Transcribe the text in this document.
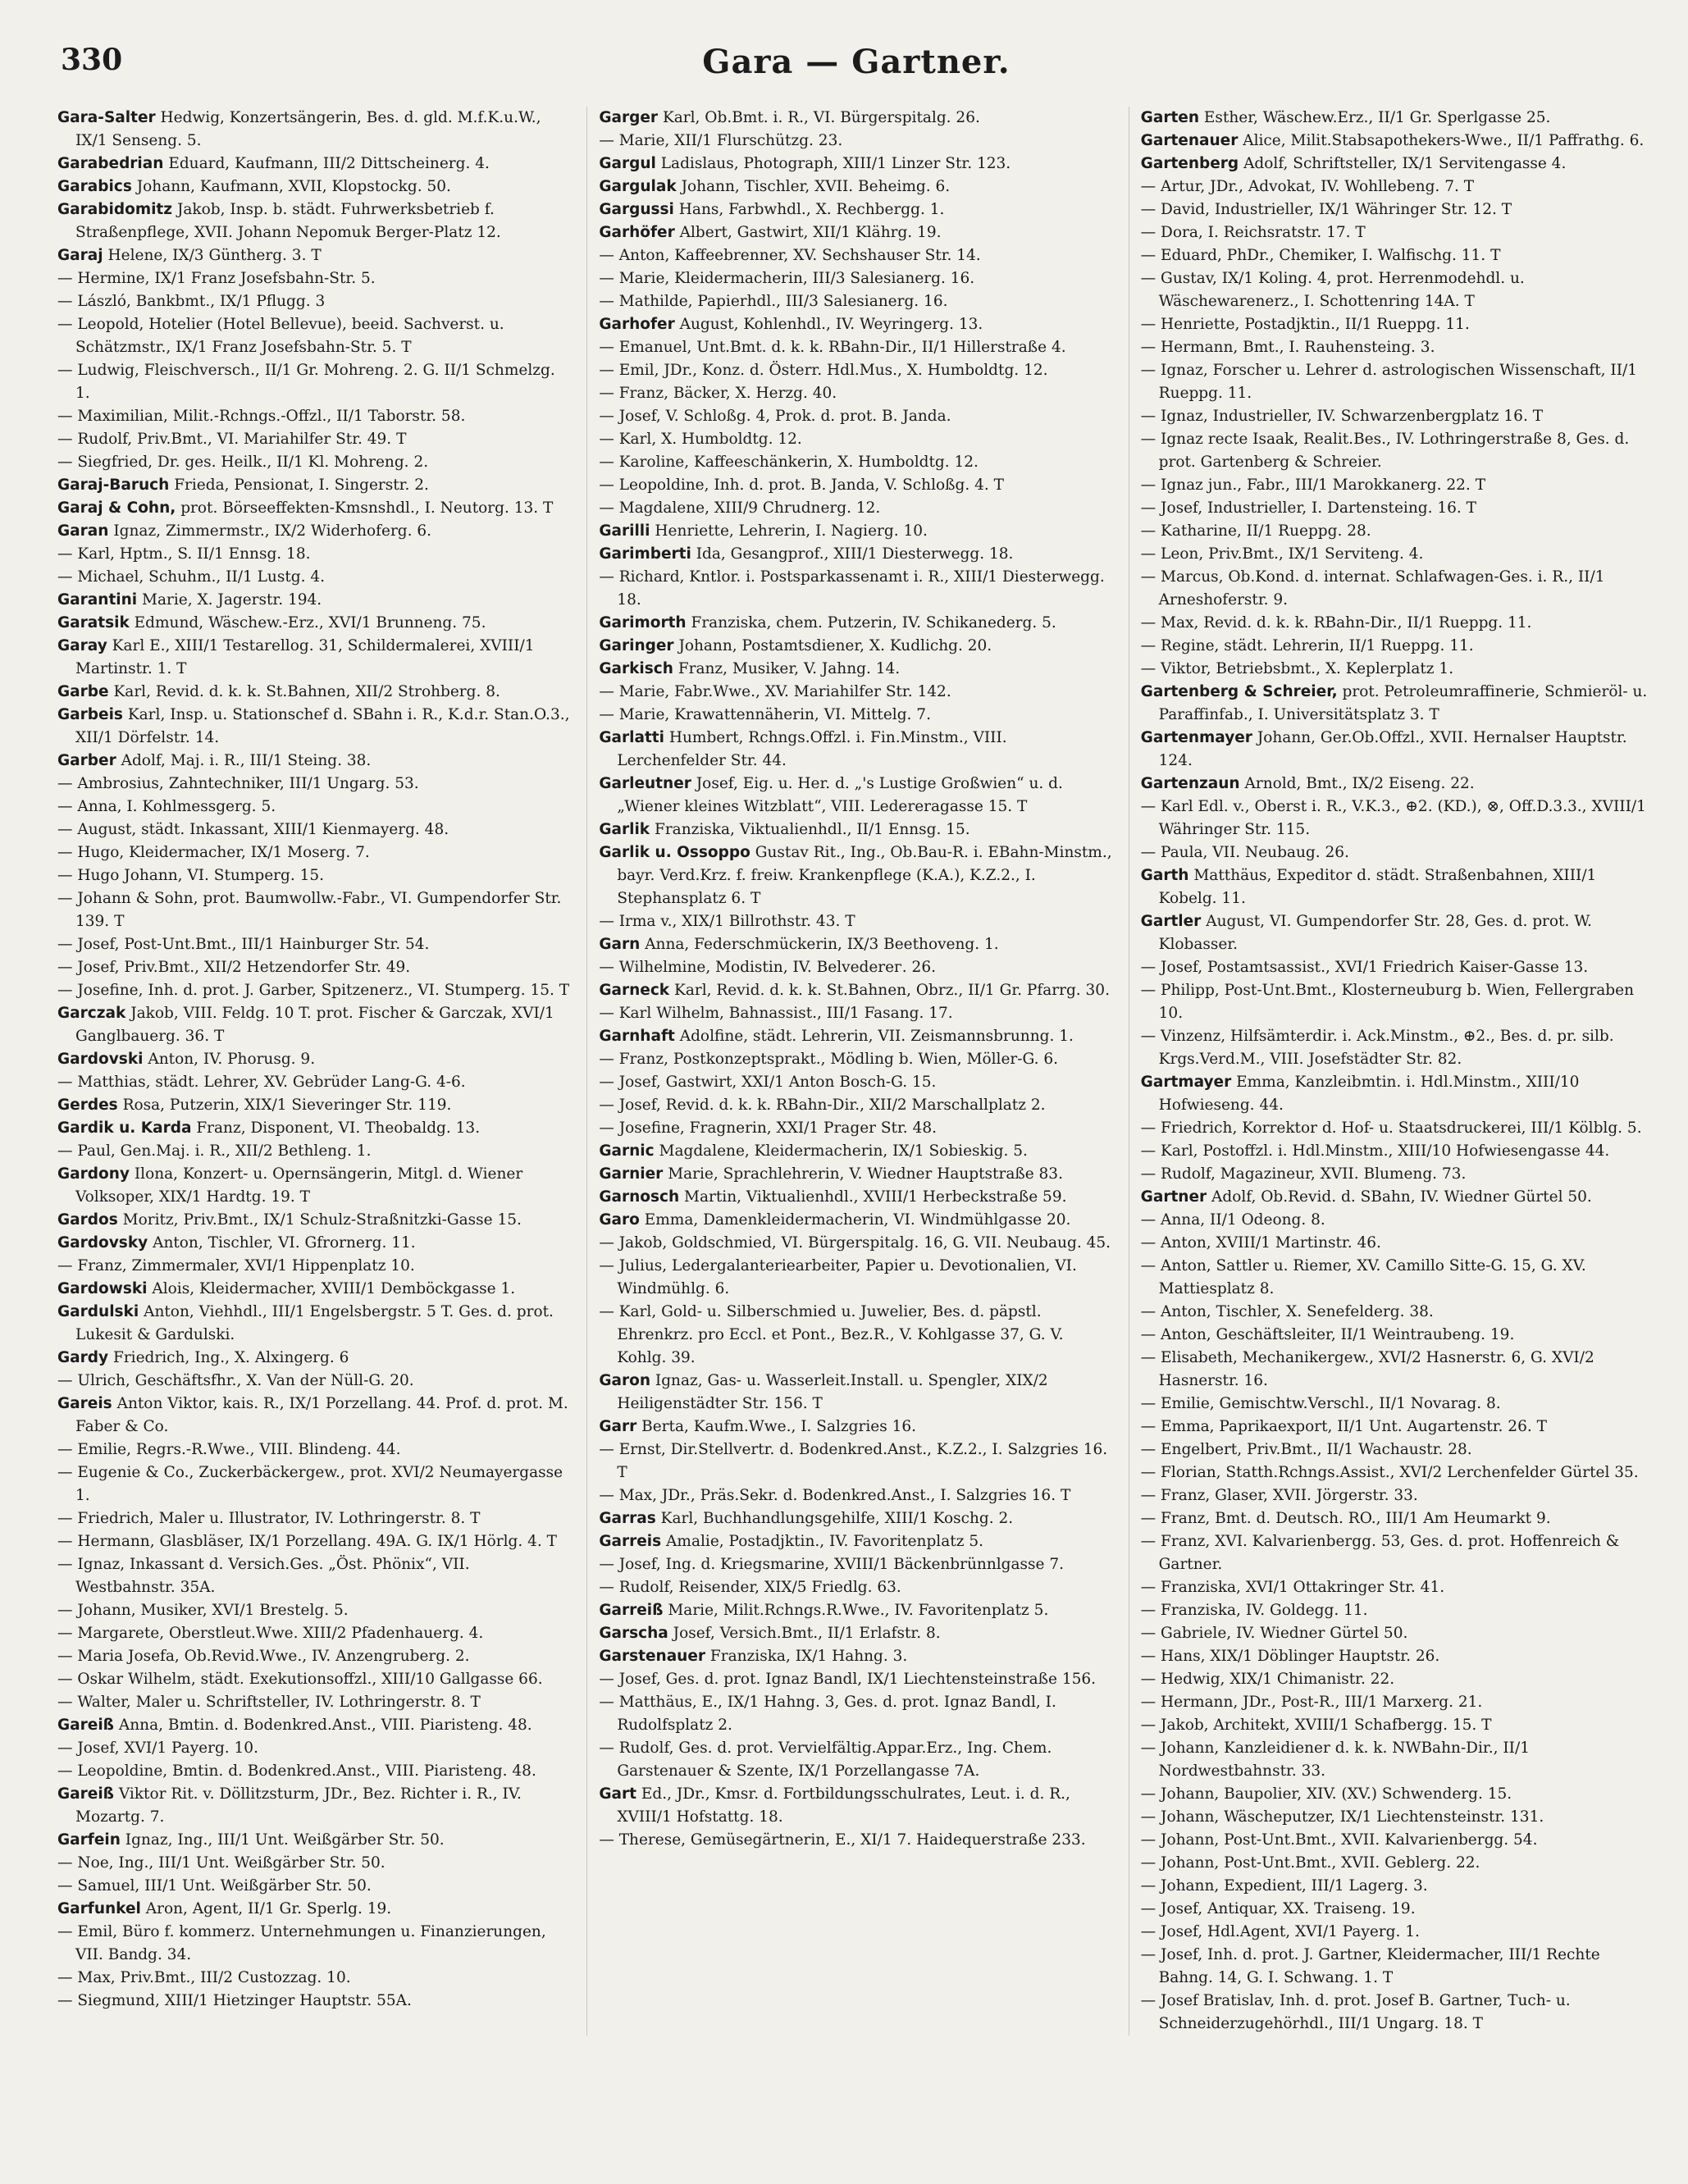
330	Gara — Gartner.

Gara-Salter Hedwig, Konzertsängerin, Bes. d. gld. M.f.K.u.W., IX/1 Senseng. 5.

Garabedrian Eduard, Kaufmann, III/2 Dittscheinerg. 4.

Garabics Johann, Kaufmann, XVII, Klopstockg. 50.

Garabidomitz Jakob, Insp. b. städt. Fuhrwerksbetrieb f. Straßenpflege, XVII. Johann Nepomuk Berger-Platz 12.

Garaj Helene, IX/3 Güntherg. 3. T

— Hermine, IX/1 Franz Josefsbahn-Str. 5.

— László, Bankbmt., IX/1 Pflugg. 3

— Leopold, Hotelier (Hotel Bellevue), beeid. Sachverst. u. Schätzmstr., IX/1 Franz Josefsbahn-Str. 5. T

— Ludwig, Fleischversch., II/1 Gr. Mohreng. 2. G. II/1 Schmelzg. 1.

— Maximilian, Milit.-Rchngs.-Offzl., II/1 Taborstr. 58.

— Rudolf, Priv.Bmt., VI. Mariahilfer Str. 49. T

— Siegfried, Dr. ges. Heilk., II/1 Kl. Mohreng. 2.

Garaj-Baruch Frieda, Pensionat, I. Singerstr. 2.

Garaj & Cohn, prot. Börseeffekten-Kmsnshdl., I. Neutorg. 13. T

Garan Ignaz, Zimmermstr., IX/2 Widerhoferg. 6.

— Karl, Hptm., S. II/1 Ennsg. 18.

— Michael, Schuhm., II/1 Lustg. 4.

Garantini Marie, X. Jagerstr. 194.

Garatsik Edmund, Wäschew.-Erz., XVI/1 Brunneng. 75.

Garay Karl E., XIII/1 Testarellog. 31, Schildermalerei, XVIII/1 Martinstr. 1. T

Garbe Karl, Revid. d. k. k. St.Bahnen, XII/2 Strohberg. 8.

Garbeis Karl, Insp. u. Stationschef d. SBahn i. R., K.d.r. Stan.O.3., XII/1 Dörfelstr. 14.

Garber Adolf, Maj. i. R., III/1 Steing. 38.

— Ambrosius, Zahntechniker, III/1 Ungarg. 53.

— Anna, I. Kohlmessgerg. 5.

— August, städt. Inkassant, XIII/1 Kienmayerg. 48.

— Hugo, Kleidermacher, IX/1 Moserg. 7.

— Hugo Johann, VI. Stumperg. 15.

— Johann & Sohn, prot. Baumwollw.-Fabr., VI. Gumpendorfer Str. 139. T

— Josef, Post-Unt.Bmt., III/1 Hainburger Str. 54.

— Josef, Priv.Bmt., XII/2 Hetzendorfer Str. 49.

— Josefine, Inh. d. prot. J. Garber, Spitzenerz., VI. Stumperg. 15. T

Garczak Jakob, VIII. Feldg. 10 T. prot. Fischer & Garczak, XVI/1 Ganglbauerg. 36. T

Gardovski Anton, IV. Phorusg. 9.

— Matthias, städt. Lehrer, XV. Gebrüder Lang-G. 4-6.

Gerdes Rosa, Putzerin, XIX/1 Sieveringer Str. 119.

Gardik u. Karda Franz, Disponent, VI. Theobaldg. 13.

— Paul, Gen.Maj. i. R., XII/2 Bethleng. 1.

Gardony Ilona, Konzert- u. Opernsängerin, Mitgl. d. Wiener Volksoper, XIX/1 Hardtg. 19. T

Gardos Moritz, Priv.Bmt., IX/1 Schulz-Straßnitzki-Gasse 15.

Gardovsky Anton, Tischler, VI. Gfrornerg. 11.

— Franz, Zimmermaler, XVI/1 Hippenplatz 10.

Gardowski Alois, Kleidermacher, XVIII/1 Demböckgasse 1.

Gardulski Anton, Viehhdl., III/1 Engelsbergstr. 5 T. Ges. d. prot. Lukesit & Gardulski.

Gardy Friedrich, Ing., X. Alxingerg. 6

— Ulrich, Geschäftsfhr., X. Van der Nüll-G. 20.

Gareis Anton Viktor, kais. R., IX/1 Porzellang. 44. Prof. d. prot. M. Faber & Co.

— Emilie, Regrs.-R.Wwe., VIII. Blindeng. 44.

— Eugenie & Co., Zuckerbäckergew., prot. XVI/2 Neumayergasse 1.

— Friedrich, Maler u. Illustrator, IV. Lothringerstr. 8. T

— Hermann, Glasbläser, IX/1 Porzellang. 49A. G. IX/1 Hörlg. 4. T

— Ignaz, Inkassant d. Versich.Ges. „Öst. Phönix“, VII. Westbahnstr. 35A.

— Johann, Musiker, XVI/1 Brestelg. 5.

— Margarete, Oberstleut.Wwe. XIII/2 Pfadenhauerg. 4.

— Maria Josefa, Ob.Revid.Wwe., IV. Anzengruberg. 2.

— Oskar Wilhelm, städt. Exekutionsoffzl., XIII/10 Gallgasse 66.

— Walter, Maler u. Schriftsteller, IV. Lothringerstr. 8. T

Gareiß Anna, Bmtin. d. Bodenkred.Anst., VIII. Piaristeng. 48.

— Josef, XVI/1 Payerg. 10.

— Leopoldine, Bmtin. d. Bodenkred.Anst., VIII. Piaristeng. 48.

Gareiß Viktor Rit. v. Döllitzsturm, JDr., Bez. Richter i. R., IV. Mozartg. 7.

Garfein Ignaz, Ing., III/1 Unt. Weißgärber Str. 50.

— Noe, Ing., III/1 Unt. Weißgärber Str. 50.

— Samuel, III/1 Unt. Weißgärber Str. 50.

Garfunkel Aron, Agent, II/1 Gr. Sperlg. 19.

— Emil, Büro f. kommerz. Unternehmungen u. Finanzierungen, VII. Bandg. 34.

— Max, Priv.Bmt., III/2 Custozzag. 10.

— Siegmund, XIII/1 Hietzinger Hauptstr. 55A.

Garger Karl, Ob.Bmt. i. R., VI. Bürgerspitalg. 26.

— Marie, XII/1 Flurschützg. 23.

Gargul Ladislaus, Photograph, XIII/1 Linzer Str. 123.

Gargulak Johann, Tischler, XVII. Beheimg. 6.

Gargussi Hans, Farbwhdl., X. Rechbergg. 1.

Garhöfer Albert, Gastwirt, XII/1 Klährg. 19.

— Anton, Kaffeebrenner, XV. Sechshauser Str. 14.

— Marie, Kleidermacherin, III/3 Salesianerg. 16.

— Mathilde, Papierhdl., III/3 Salesianerg. 16.

Garhofer August, Kohlenhdl., IV. Weyringerg. 13.

— Emanuel, Unt.Bmt. d. k. k. RBahn-Dir., II/1 Hillerstraße 4.

— Emil, JDr., Konz. d. Österr. Hdl.Mus., X. Humboldtg. 12.

— Franz, Bäcker, X. Herzg. 40.

— Josef, V. Schloßg. 4, Prok. d. prot. B. Janda.

— Karl, X. Humboldtg. 12.

— Karoline, Kaffeeschänkerin, X. Humboldtg. 12.

— Leopoldine, Inh. d. prot. B. Janda, V. Schloßg. 4. T

— Magdalene, XIII/9 Chrudnerg. 12.

Garilli Henriette, Lehrerin, I. Nagierg. 10.

Garimberti Ida, Gesangprof., XIII/1 Diesterwegg. 18.

— Richard, Kntlor. i. Postsparkassenamt i. R., XIII/1 Diesterwegg. 18.

Garimorth Franziska, chem. Putzerin, IV. Schikanederg. 5.

Garinger Johann, Postamtsdiener, X. Kudlichg. 20.

Garkisch Franz, Musiker, V. Jahng. 14.

— Marie, Fabr.Wwe., XV. Mariahilfer Str. 142.

— Marie, Krawattennäherin, VI. Mittelg. 7.

Garlatti Humbert, Rchngs.Offzl. i. Fin.Minstm., VIII. Lerchenfelder Str. 44.

Garleutner Josef, Eig. u. Her. d. „'s Lustige Großwien“ u. d. „Wiener kleines Witzblatt“, VIII. Ledereragasse 15. T

Garlik Franziska, Viktualienhdl., II/1 Ennsg. 15.

Garlik u. Ossoppo Gustav Rit., Ing., Ob.Bau-R. i. EBahn-Minstm., bayr. Verd.Krz. f. freiw. Krankenpflege (K.A.), K.Z.2., I. Stephansplatz 6. T

— Irma v., XIX/1 Billrothstr. 43. T

Garn Anna, Federschmückerin, IX/3 Beethoveng. 1.

— Wilhelmine, Modistin, IV. Belvederег. 26.

Garneck Karl, Revid. d. k. k. St.Bahnen, Obrz., II/1 Gr. Pfarrg. 30.

— Karl Wilhelm, Bahnassist., III/1 Fasang. 17.

Garnhaft Adolfine, städt. Lehrerin, VII. Zeismannsbrunng. 1.

— Franz, Postkonzeptsprakt., Mödling b. Wien, Möller-G. 6.

— Josef, Gastwirt, XXI/1 Anton Bosch-G. 15.

— Josef, Revid. d. k. k. RBahn-Dir., XII/2 Marschallplatz 2.

— Josefine, Fragnerin, XXI/1 Prager Str. 48.

Garnic Magdalene, Kleidermacherin, IX/1 Sobieskig. 5.

Garnier Marie, Sprachlehrerin, V. Wiedner Hauptstraße 83.

Garnosch Martin, Viktualienhdl., XVIII/1 Herbeckstraße 59.

Garo Emma, Damenkleidermacherin, VI. Windmühlgasse 20.

— Jakob, Goldschmied, VI. Bürgerspitalg. 16, G. VII. Neubaug. 45.

— Julius, Ledergalanteriearbeiter, Papier u. Devotionalien, VI. Windmühlg. 6.

— Karl, Gold- u. Silberschmied u. Juwelier, Bes. d. päpstl. Ehrenkrz. pro Eccl. et Pont., Bez.R., V. Kohlgasse 37, G. V. Kohlg. 39.

Garon Ignaz, Gas- u. Wasserleit.Install. u. Spengler, XIX/2 Heiligenstädter Str. 156. T

Garr Berta, Kaufm.Wwe., I. Salzgries 16.

— Ernst, Dir.Stellvertr. d. Bodenkred.Anst., K.Z.2., I. Salzgries 16. T

— Max, JDr., Präs.Sekr. d. Bodenkred.Anst., I. Salzgries 16. T

Garras Karl, Buchhandlungsgehilfe, XIII/1 Koschg. 2.

Garreis Amalie, Postadjktin., IV. Favoritenplatz 5.

— Josef, Ing. d. Kriegsmarine, XVIII/1 Bäckenbrünnlgasse 7.

— Rudolf, Reisender, XIX/5 Friedlg. 63.

Garreiß Marie, Milit.Rchngs.R.Wwe., IV. Favoritenplatz 5.

Garscha Josef, Versich.Bmt., II/1 Erlafstr. 8.

Garstenauer Franziska, IX/1 Hahng. 3.

— Josef, Ges. d. prot. Ignaz Bandl, IX/1 Liechtensteinstraße 156.

— Matthäus, E., IX/1 Hahng. 3, Ges. d. prot. Ignaz Bandl, I. Rudolfsplatz 2.

— Rudolf, Ges. d. prot. Vervielfältig.Appar.Erz., Ing. Chem. Garstenauer & Szente, IX/1 Porzellangasse 7A.

Gart Ed., JDr., Kmsr. d. Fortbildungsschulrates, Leut. i. d. R., XVIII/1 Hofstattg. 18.

— Therese, Gemüsegärtnerin, E., XI/1 7. Haidequerstraße 233.

Garten Esther, Wäschew.Erz., II/1 Gr. Sperlgasse 25.

Gartenauer Alice, Milit.Stabsapothekers-Wwe., II/1 Paffrathg. 6.

Gartenberg Adolf, Schriftsteller, IX/1 Servitengasse 4.

— Artur, JDr., Advokat, IV. Wohllebeng. 7. T

— David, Industrieller, IX/1 Währinger Str. 12. T

— Dora, I. Reichsratstr. 17. T

— Eduard, PhDr., Chemiker, I. Walfischg. 11. T

— Gustav, IX/1 Koling. 4, prot. Herrenmodehdl. u. Wäschewarenerz., I. Schottenring 14A. T

— Henriette, Postadjktin., II/1 Rueppg. 11.

— Hermann, Bmt., I. Rauhensteing. 3.

— Ignaz, Forscher u. Lehrer d. astrologischen Wissenschaft, II/1 Rueppg. 11.

— Ignaz, Industrieller, IV. Schwarzenbergplatz 16. T

— Ignaz recte Isaak, Realit.Bes., IV. Lothringerstraße 8, Ges. d. prot. Gartenberg & Schreier.

— Ignaz jun., Fabr., III/1 Marokkanerg. 22. T

— Josef, Industrieller, I. Dartensteing. 16. T

— Katharine, II/1 Rueppg. 28.

— Leon, Priv.Bmt., IX/1 Servitеng. 4.

— Marcus, Ob.Kond. d. internat. Schlafwagen-Ges. i. R., II/1 Arneshoferstr. 9.

— Max, Revid. d. k. k. RBahn-Dir., II/1 Rueppg. 11.

— Regine, städt. Lehrerin, II/1 Rueppg. 11.

— Viktor, Betriebsbmt., X. Keplerplatz 1.

Gartenberg & Schreier, prot. Petroleumraffinerie, Schmieröl- u. Paraffinfab., I. Universitätsplatz 3. T

Gartenmayer Johann, Ger.Ob.Offzl., XVII. Hernalser Hauptstr. 124.

Gartenzaun Arnold, Bmt., IX/2 Eiseng. 22.

— Karl Edl. v., Oberst i. R., V.K.3., ⊕2. (KD.), ⊗, Off.D.3.3., XVIII/1 Währinger Str. 115.

— Paula, VII. Neubaug. 26.

Garth Matthäus, Expeditor d. städt. Straßenbahnen, XIII/1 Kobelg. 11.

Gartler August, VI. Gumpendorfer Str. 28, Ges. d. prot. W. Klobasser.

— Josef, Postamtsassist., XVI/1 Friedrich Kaiser-Gasse 13.

— Philipp, Post-Unt.Bmt., Klosterneuburg b. Wien, Fellergraben 10.

— Vinzenz, Hilfsämterdir. i. Ack.Minstm., ⊕2., Bes. d. pr. silb. Krgs.Verd.M., VIII. Josefstädter Str. 82.

Gartmayer Emma, Kanzleibmtin. i. Hdl.Minstm., XIII/10 Hofwieseng. 44.

— Friedrich, Korrektor d. Hof- u. Staatsdruckerei, III/1 Kölblg. 5.

— Karl, Postoffzl. i. Hdl.Minstm., XIII/10 Hofwiesengasse 44.

— Rudolf, Magazineur, XVII. Blumeng. 73.

Gartner Adolf, Ob.Revid. d. SBahn, IV. Wiedner Gürtel 50.

— Anna, II/1 Odeong. 8.

— Anton, XVIII/1 Martinstr. 46.

— Anton, Sattler u. Riemer, XV. Camillo Sitte-G. 15, G. XV. Mattiesplatz 8.

— Anton, Tischler, X. Senefelderg. 38.

— Anton, Geschäftsleiter, II/1 Weintraubeng. 19.

— Elisabeth, Mechanikergew., XVI/2 Hasnerstr. 6, G. XVI/2 Hasnerstr. 16.

— Emilie, Gemischtw.Verschl., II/1 Novarag. 8.

— Emma, Paprikaexport, II/1 Unt. Augartenstr. 26. T

— Engelbert, Priv.Bmt., II/1 Wachaustr. 28.

— Florian, Statth.Rchngs.Assist., XVI/2 Lerchenfelder Gürtel 35.

— Franz, Glaser, XVII. Jörgerstr. 33.

— Franz, Bmt. d. Deutsch. RO., III/1 Am Heumarkt 9.

— Franz, XVI. Kalvarienbergg. 53, Ges. d. prot. Hoffenreich & Gartner.

— Franziska, XVI/1 Ottakringer Str. 41.

— Franziska, IV. Goldegg. 11.

— Gabriele, IV. Wiedner Gürtel 50.

— Hans, XIX/1 Döblinger Hauptstr. 26.

— Hedwig, XIX/1 Chimanistr. 22.

— Hermann, JDr., Post-R., III/1 Marxerg. 21.

— Jakob, Architekt, XVIII/1 Schafbergg. 15. T

— Johann, Kanzleidiener d. k. k. NWBahn-Dir., II/1 Nordwestbahnstr. 33.

— Johann, Baupolier, XIV. (XV.) Schwenderg. 15.

— Johann, Wäscheputzer, IX/1 Liechtensteinstr. 131.

— Johann, Post-Unt.Bmt., XVII. Kalvarienbergg. 54.

— Johann, Post-Unt.Bmt., XVII. Geblerg. 22.

— Johann, Expedient, III/1 Lagerg. 3.

— Josef, Antiquar, XX. Traiseng. 19.

— Josef, Hdl.Agent, XVI/1 Payerg. 1.

— Josef, Inh. d. prot. J. Gartner, Kleidermacher, III/1 Rechte Bahng. 14, G. I. Schwang. 1. T

— Josef Bratislav, Inh. d. prot. Josef B. Gartner, Tuch- u. Schneiderzugehörhdl., III/1 Ungarg. 18. T
